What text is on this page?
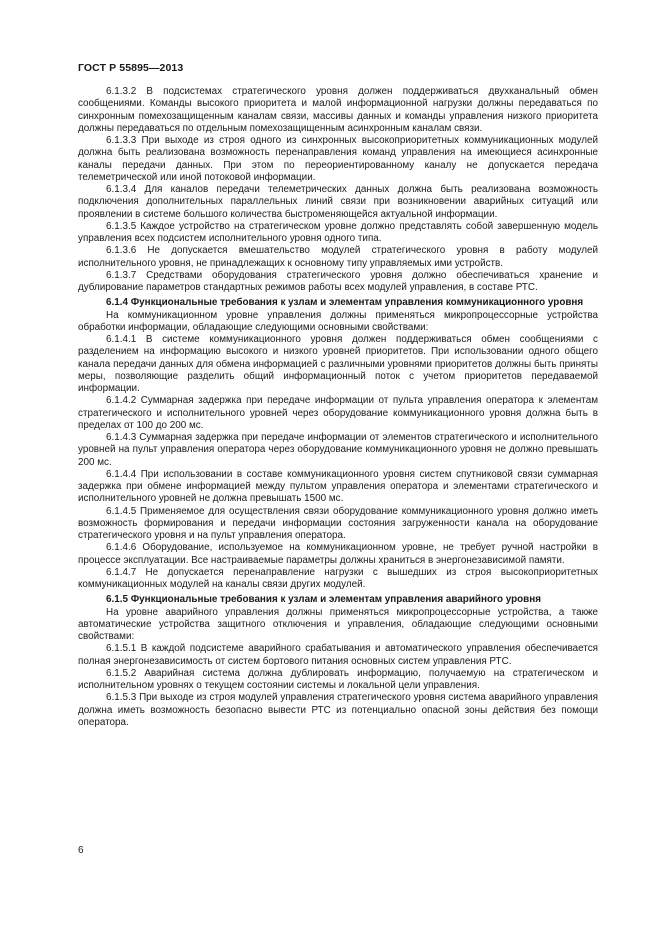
ГОСТ Р 55895—2013

6.1.3.2 В подсистемах стратегического уровня должен поддерживаться двухканальный обмен сообщениями. Команды высокого приоритета и малой информационной нагрузки должны передаваться по синхронным помехозащищенным каналам связи, массивы данных и команды управления низкого приоритета должны передаваться по отдельным помехозащищенным асинхронным каналам связи.

6.1.3.3 При выходе из строя одного из синхронных высокоприоритетных коммуникационных модулей должна быть реализована возможность перенаправления команд управления на имеющиеся асинхронные каналы передачи данных. При этом по переориентированному каналу не допускается передача телеметрической или иной потоковой информации.

6.1.3.4 Для каналов передачи телеметрических данных должна быть реализована возможность подключения дополнительных параллельных линий связи при возникновении аварийных ситуаций или проявлении в системе большого количества быстроменяющейся актуальной информации.

6.1.3.5 Каждое устройство на стратегическом уровне должно представлять собой завершенную модель управления всех подсистем исполнительного уровня одного типа.

6.1.3.6 Не допускается вмешательство модулей стратегического уровня в работу модулей исполнительного уровня, не принадлежащих к основному типу управляемых ими устройств.

6.1.3.7 Средствами оборудования стратегического уровня должно обеспечиваться хранение и дублирование параметров стандартных режимов работы всех модулей управления, в составе РТС.

6.1.4 Функциональные требования к узлам и элементам управления коммуникационного уровня

На коммуникационном уровне управления должны применяться микропроцессорные устройства обработки информации, обладающие следующими основными свойствами:

6.1.4.1 В системе коммуникационного уровня должен поддерживаться обмен сообщениями с разделением на информацию высокого и низкого уровней приоритетов. При использовании одного общего канала передачи данных для обмена информацией с различными уровнями приоритетов должны быть приняты меры, позволяющие разделить общий информационный поток с учетом приоритетов передаваемой информации.

6.1.4.2 Суммарная задержка при передаче информации от пульта управления оператора к элементам стратегического и исполнительного уровней через оборудование коммуникационного уровня должна быть в пределах от 100 до 200 мс.

6.1.4.3 Суммарная задержка при передаче информации от элементов стратегического и исполнительного уровней на пульт управления оператора через оборудование коммуникационного уровня не должно превышать 200 мс.

6.1.4.4 При использовании в составе коммуникационного уровня систем спутниковой связи суммарная задержка при обмене информацией между пультом управления оператора и элементами стратегического и исполнительного уровней не должна превышать 1500 мс.

6.1.4.5 Применяемое для осуществления связи оборудование коммуникационного уровня должно иметь возможность формирования и передачи информации состояния загруженности канала на оборудование стратегического уровня и на пульт управления оператора.

6.1.4.6 Оборудование, используемое на коммуникационном уровне, не требует ручной настройки в процессе эксплуатации. Все настраиваемые параметры должны храниться в энергонезависимой памяти.

6.1.4.7 Не допускается перенаправление нагрузки с вышедших из строя высокоприоритетных коммуникационных модулей на каналы связи других модулей.

6.1.5 Функциональные требования к узлам и элементам управления аварийного уровня

На уровне аварийного управления должны применяться микропроцессорные устройства, а также автоматические устройства защитного отключения и управления, обладающие следующими основными свойствами:

6.1.5.1 В каждой подсистеме аварийного срабатывания и автоматического управления обеспечивается полная энергонезависимость от систем бортового питания основных систем управления РТС.

6.1.5.2 Аварийная система должна дублировать информацию, получаемую на стратегическом и исполнительном уровнях о текущем состоянии системы и локальной цели управления.

6.1.5.3 При выходе из строя модулей управления стратегического уровня система аварийного управления должна иметь возможность безопасно вывести РТС из потенциально опасной зоны действия без помощи оператора.

6
